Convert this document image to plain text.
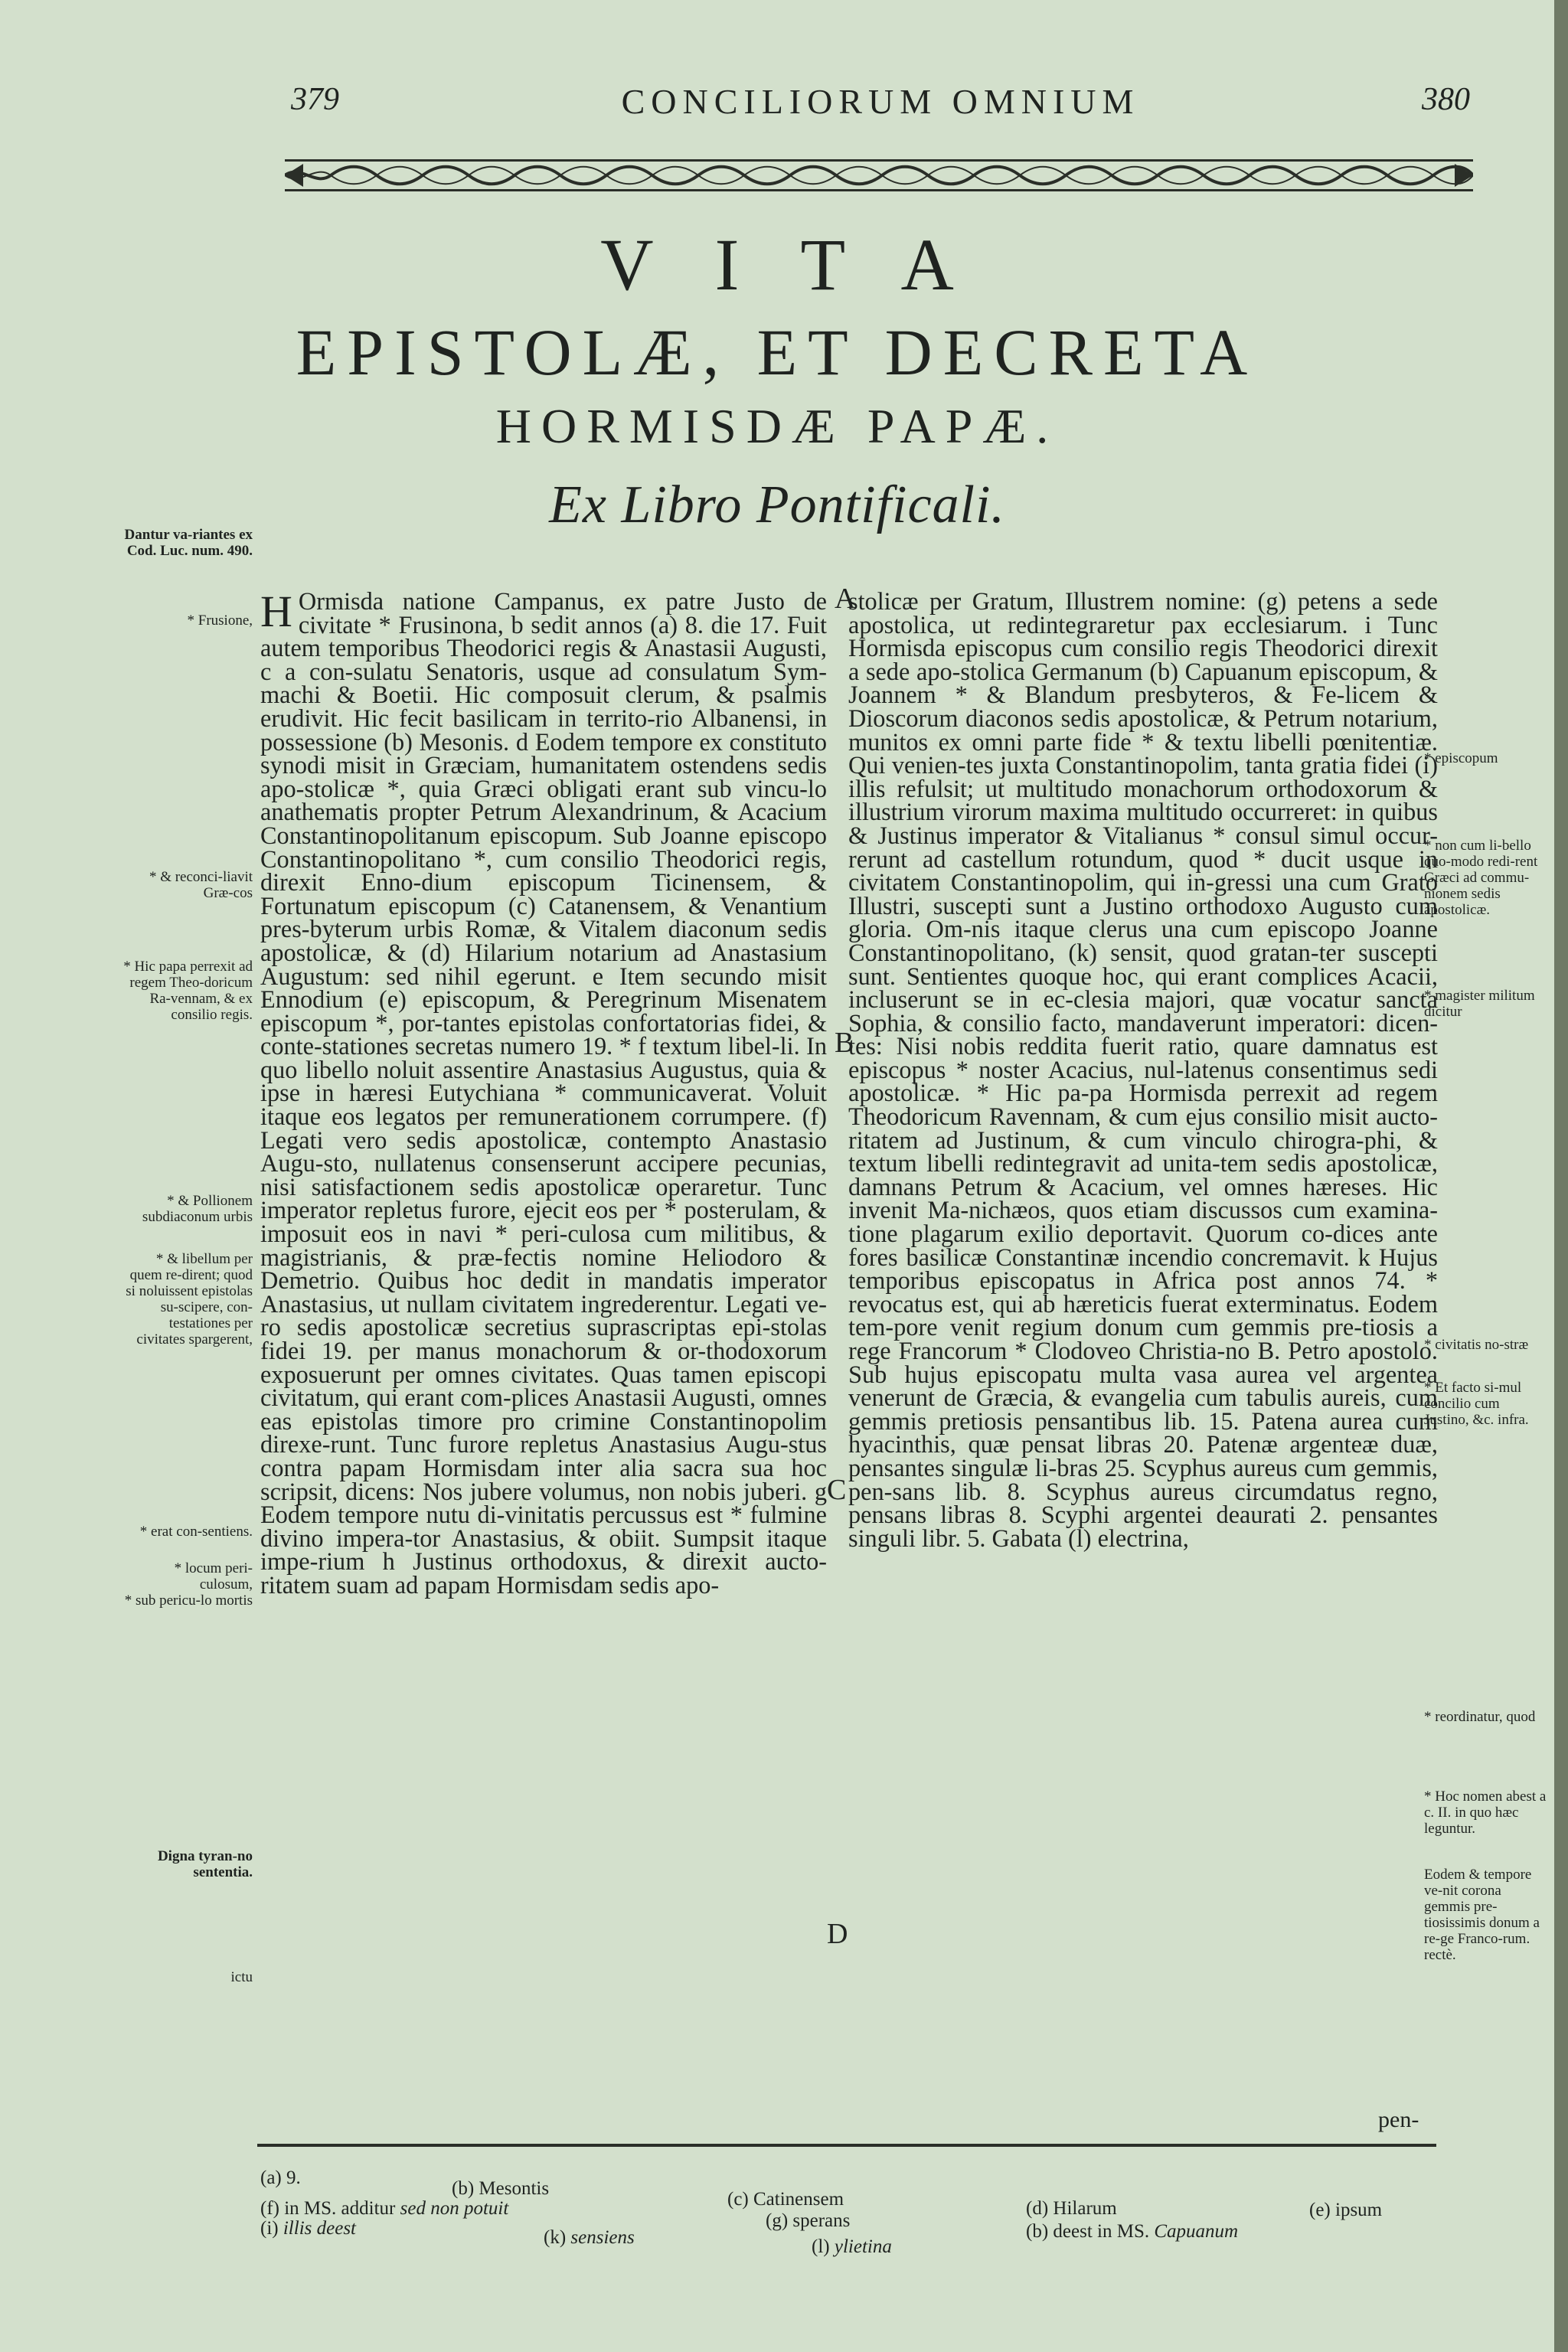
379	CONCILIORUM OMNIUM	380
VITA
EPISTOLÆ, ET DECRETA
HORMISDÆ PAPÆ.
Ex Libro Pontificali.
Dantur va-riantes ex Cod. Luc. num. 490.
* Frusione,
* & reconci-liavit Græ-cos
* Hic papa perrexit ad regem Theo-doricum Ra-vennam, & ex consilio regis.
* & Pollionem subdiaconum urbis
* & libellum per quem re-dirent; quod si noluissent epistolas su-scipere, con-testationes per civitates spargerent,
* erat con-sentiens.
* locum peri-culosum,
* sub pericu-lo mortis
Digna tyran-no sententia.
ictu
* episcopum
* non cum li-bello quo-modo redi-rent Græci ad commu-nionem sedis apostolicæ.
* magister militum dicitur
* civitatis no-stræ
* Et facto si-mul concilio cum Justino, &c. infra.
* reordinatur, quod
* Hoc nomen abest a c. II. in quo hæc leguntur.
Eodem & tempore ve-nit corona gemmis pre-tiosissimis donum a re-ge Franco-rum. rectè.
H Ormisda natione Campanus, ex patre Justo de civitate * Frusinona, b sedit annos (a) 8. die 17. Fuit autem temporibus Theodorici regis & Anastasii Augusti, c a con-sulatu Senatoris, usque ad consulatum Sym-machi & Boetii. Hic composuit clerum, & psalmis erudivit. Hic fecit basilicam in territo-rio Albanensi, in possessione (b) Mesonis. d Eodem tempore ex constituto synodi misit in Græciam, humanitatem ostendens sedis apo-stolicæ *, quia Græci obligati erant sub vincu-lo anathematis propter Petrum Alexandrinum, & Acacium Constantinopolitanum episcopum. Sub Joanne episcopo Constantinopolitano *, cum consilio Theodorici regis, direxit Enno-dium episcopum Ticinensem, & Fortunatum episcopum (c) Catanensem, & Venantium pres-byterum urbis Romæ, & Vitalem diaconum sedis apostolicæ, & (d) Hilarium notarium ad Anastasium Augustum: sed nihil egerunt. e Item secundo misit Ennodium (e) episcopum, & Peregrinum Misenatem episcopum *, por-tantes epistolas confortatorias fidei, & conte-stationes secretas numero 19. * f textum libel-li. In quo libello noluit assentire Anastasius Augustus, quia & ipse in hæresi Eutychiana * communicaverat. Voluit itaque eos legatos per remunerationem corrumpere. (f) Legati vero sedis apostolicæ, contempto Anastasio Augu-sto, nullatenus consenserunt accipere pecunias, nisi satisfactionem sedis apostolicæ operaretur. Tunc imperator repletus furore, ejecit eos per * posterulam, & imposuit eos in navi * peri-culosa cum militibus, & magistrianis, & præ-fectis nomine Heliodoro & Demetrio. Quibus hoc dedit in mandatis imperator Anastasius, ut nullam civitatem ingrederentur. Legati ve-ro sedis apostolicæ secretius suprascriptas epi-stolas fidei 19. per manus monachorum & or-thodoxorum exposuerunt per omnes civitates. Quas tamen episcopi civitatum, qui erant com-plices Anastasii Augusti, omnes eas epistolas timore pro crimine Constantinopolim direxe-runt. Tunc furore repletus Anastasius Augu-stus contra papam Hormisdam inter alia sacra sua hoc scripsit, dicens: Nos jubere volumus, non nobis juberi. g Eodem tempore nutu di-vinitatis percussus est * fulmine divino impera-tor Anastasius, & obiit. Sumpsit itaque impe-rium h Justinus orthodoxus, & direxit aucto-ritatem suam ad papam Hormisdam sedis apo-

stolicæ per Gratum, Illustrem nomine: (g) petens a sede apostolica, ut redintegraretur pax ecclesiarum. i Tunc Hormisda episcopus cum consilio regis Theodorici direxit a sede apo-stolica Germanum (b) Capuanum episcopum, & Joannem * & Blandum presbyteros, & Fe-licem & Dioscorum diaconos sedis apostolicæ, & Petrum notarium, munitos ex omni parte fide * & textu libelli pœnitentiæ. Qui venien-tes juxta Constantinopolim, tanta gratia fidei (i) illis refulsit; ut multitudo monachorum orthodoxorum & illustrium virorum maxima multitudo occurreret: in quibus & Justinus imperator & Vitalianus * consul simul occur-rerunt ad castellum rotundum, quod * ducit usque in civitatem Constantinopolim, qui in-gressi una cum Grato Illustri, suscepti sunt a Justino orthodoxo Augusto cum gloria. Om-nis itaque clerus una cum episcopo Joanne Constantinopolitano, (k) sensit, quod gratan-ter suscepti sunt. Sentientes quoque hoc, qui erant complices Acacii, incluserunt se in ec-clesia majori, quæ vocatur sancta Sophia, & consilio facto, mandaverunt imperatori: dicen-tes: Nisi nobis reddita fuerit ratio, quare damnatus est episcopus * noster Acacius, nul-latenus consentimus sedi apostolicæ. * Hic pa-pa Hormisda perrexit ad regem Theodoricum Ravennam, & cum ejus consilio misit aucto-ritatem ad Justinum, & cum vinculo chirogra-phi, & textum libelli redintegravit ad unita-tem sedis apostolicæ, damnans Petrum & Acacium, vel omnes hæreses. Hic invenit Ma-nichæos, quos etiam discussos cum examina-tione plagarum exilio deportavit. Quorum co-dices ante fores basilicæ Constantinæ incendio concremavit. k Hujus temporibus episcopatus in Africa post annos 74. * revocatus est, qui ab hæreticis fuerat exterminatus. Eodem tem-pore venit regium donum cum gemmis pre-tiosis a rege Francorum * Clodoveo Christia-no B. Petro apostolo. Sub hujus episcopatu multa vasa aurea vel argentea venerunt de Græcia, & evangelia cum tabulis aureis, cum gemmis pretiosis pensantibus lib. 15. Patena aurea cum hyacinthis, quæ pensat libras 20. Patenæ argenteæ duæ, pensantes singulæ li-bras 25. Scyphus aureus cum gemmis, pen-sans lib. 8. Scyphus aureus circumdatus regno, pensans libras 8. Scyphi argentei deaurati 2. pensantes singuli libr. 5. Gabata (l) electrina,

A
B
C
D
pen-
(a) 9.
(b) Mesontis
(c) Catinensem	(d) Hilarum	(e) ipsum
(f) in MS. additur sed non potuit
(g) sperans
(b) deest in MS. Capuanum
(i) illis deest	(k) sensiens	(l) ylietina
